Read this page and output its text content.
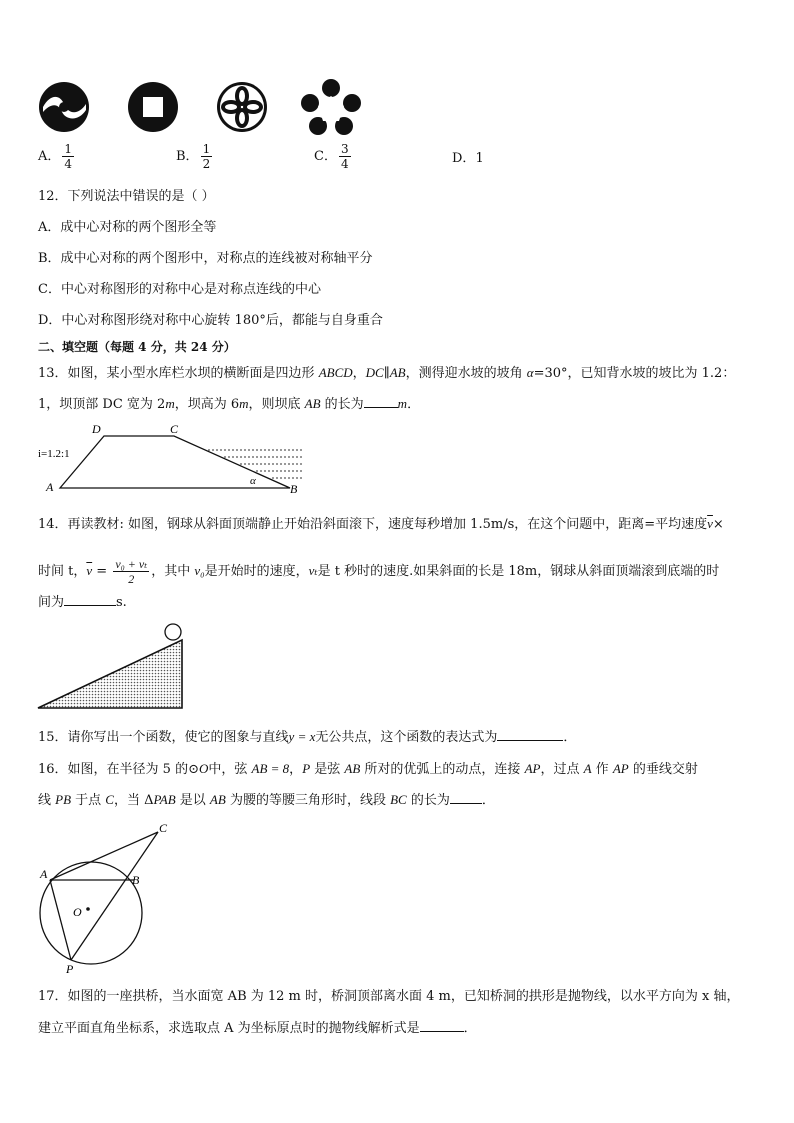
A． $\frac{1}{4}$	B． $\frac{1}{2}$	C． $\frac{3}{4}$	D．1
12．下列说法中错误的是（ ）
A．成中心对称的两个图形全等
B．成中心对称的两个图形中，对称点的连线被对称轴平分
C．中心对称图形的对称中心是对称点连线的中心
D．中心对称图形绕对称中心旋转 180°后，都能与自身重合
二、填空题（每题 4 分，共 24 分）
13．如图，某小型水库栏水坝的横断面是四边形 ABCD，DC∥AB，测得迎水坡的坡角 α=30°，已知背水坡的坡比为 1.2：
1，坝顶部 DC 宽为 2m，坝高为 6m，则坝底 AB 的长为	m．
D	C
A	B
i=1.2:1
α
14．再读教材: 如图，钢球从斜面顶端静止开始沿斜面滚下，速度每秒增加 1.5m/s，在这个问题中，距离=平均速度$\overline{v}\times$
时间 t，$\overline{v} = \frac{\text{v₀ + vₜ}}{2}$ ，其中 v₀是开始时的速度，vₜ是 t 秒时的速度.如果斜面的长是 18m，钢球从斜面顶端滚到底端的时
间为	s.
15．请你写出一个函数，使它的图象与直线y = x无公共点，这个函数的表达式为	．
16．如图，在半径为 5 的⊙O中，弦 AB = 8，P 是弦 AB 所对的优弧上的动点，连接 AP，过点 A 作 AP 的垂线交射
线 PB 于点 C，当 ΔPAB 是以 AB 为腰的等腰三角形时，线段 BC 的长为 ．
A	B
C
O
P
17．如图的一座拱桥，当水面宽 AB 为 12 m 时，桥洞顶部离水面 4 m，已知桥洞的拱形是抛物线，以水平方向为 x 轴，
建立平面直角坐标系，求选取点 A 为坐标原点时的抛物线解析式是	．
